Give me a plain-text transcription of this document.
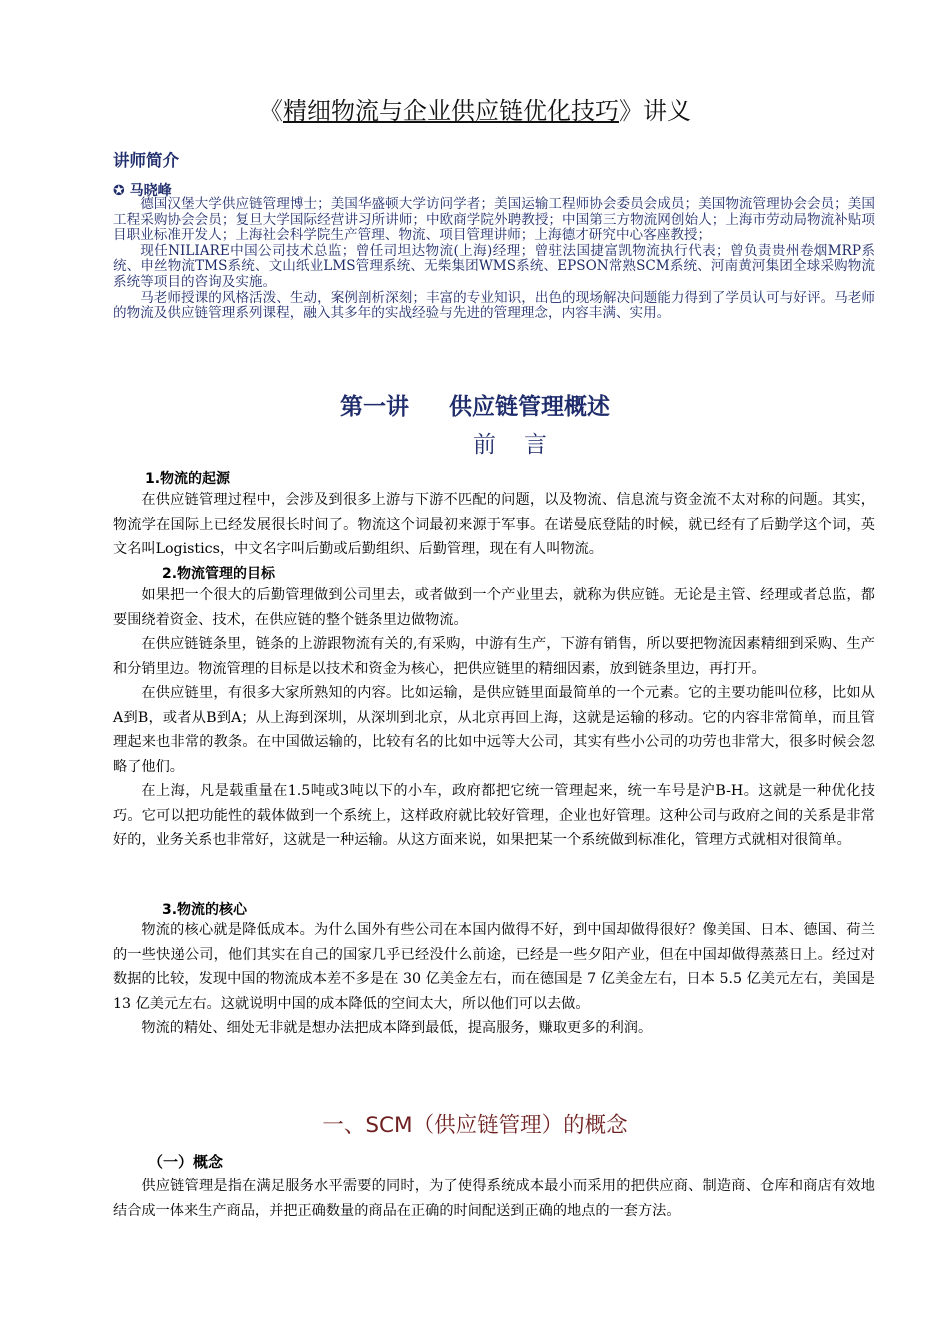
《精细物流与企业供应链优化技巧》讲义
讲师简介
✪ 马晓峰

德国汉堡大学供应链管理博士；美国华盛顿大学访问学者；美国运输工程师协会委员会成员；美国物流管理协会会员；美国工程采购协会会员；复旦大学国际经营讲习所讲师；中欧商学院外聘教授；中国第三方物流网创始人；上海市劳动局物流补贴项目职业标准开发人；上海社会科学院生产管理、物流、项目管理讲师；上海德才研究中心客座教授；

现任NILIARE中国公司技术总监；曾任司坦达物流(上海)经理；曾驻法国捷富凯物流执行代表；曾负责贵州卷烟MRP系统、申丝物流TMS系统、文山纸业LMS管理系统、无柴集团WMS系统、EPSON常熟SCM系统、河南黄河集团全球采购物流系统等项目的咨询及实施。

马老师授课的风格活泼、生动，案例剖析深刻；丰富的专业知识，出色的现场解决问题能力得到了学员认可与好评。马老师的物流及供应链管理系列课程，融入其多年的实战经验与先进的管理理念，内容丰满、实用。

第一讲 供应链管理概述
前言
1.物流的起源

在供应链管理过程中，会涉及到很多上游与下游不匹配的问题，以及物流、信息流与资金流不太对称的问题。其实，物流学在国际上已经发展很长时间了。物流这个词最初来源于军事。在诺曼底登陆的时候，就已经有了后勤学这个词，英文名叫Logistics，中文名字叫后勤或后勤组织、后勤管理，现在有人叫物流。

2.物流管理的目标

如果把一个很大的后勤管理做到公司里去，或者做到一个产业里去，就称为供应链。无论是主管、经理或者总监，都要围绕着资金、技术，在供应链的整个链条里边做物流。

在供应链链条里，链条的上游跟物流有关的,有采购，中游有生产，下游有销售，所以要把物流因素精细到采购、生产和分销里边。物流管理的目标是以技术和资金为核心，把供应链里的精细因素，放到链条里边，再打开。

在供应链里，有很多大家所熟知的内容。比如运输，是供应链里面最简单的一个元素。它的主要功能叫位移，比如从A到B，或者从B到A；从上海到深圳，从深圳到北京，从北京再回上海，这就是运输的移动。它的内容非常简单，而且管理起来也非常的教条。在中国做运输的，比较有名的比如中远等大公司，其实有些小公司的功劳也非常大，很多时候会忽略了他们。

在上海，凡是载重量在1.5吨或3吨以下的小车，政府都把它统一管理起来，统一车号是沪B-H。这就是一种优化技巧。它可以把功能性的载体做到一个系统上，这样政府就比较好管理，企业也好管理。这种公司与政府之间的关系是非常好的，业务关系也非常好，这就是一种运输。从这方面来说，如果把某一个系统做到标准化，管理方式就相对很简单。

3.物流的核心

物流的核心就是降低成本。为什么国外有些公司在本国内做得不好，到中国却做得很好？像美国、日本、德国、荷兰的一些快递公司，他们其实在自己的国家几乎已经没什么前途，已经是一些夕阳产业，但在中国却做得蒸蒸日上。经过对数据的比较，发现中国的物流成本差不多是在 30 亿美金左右，而在德国是 7 亿美金左右，日本 5.5 亿美元左右，美国是 13 亿美元左右。这就说明中国的成本降低的空间太大，所以他们可以去做。

物流的精处、细处无非就是想办法把成本降到最低，提高服务，赚取更多的利润。

一、SCM（供应链管理）的概念
（一）概念

供应链管理是指在满足服务水平需要的同时，为了使得系统成本最小而采用的把供应商、制造商、仓库和商店有效地结合成一体来生产商品，并把正确数量的商品在正确的时间配送到正确的地点的一套方法。
